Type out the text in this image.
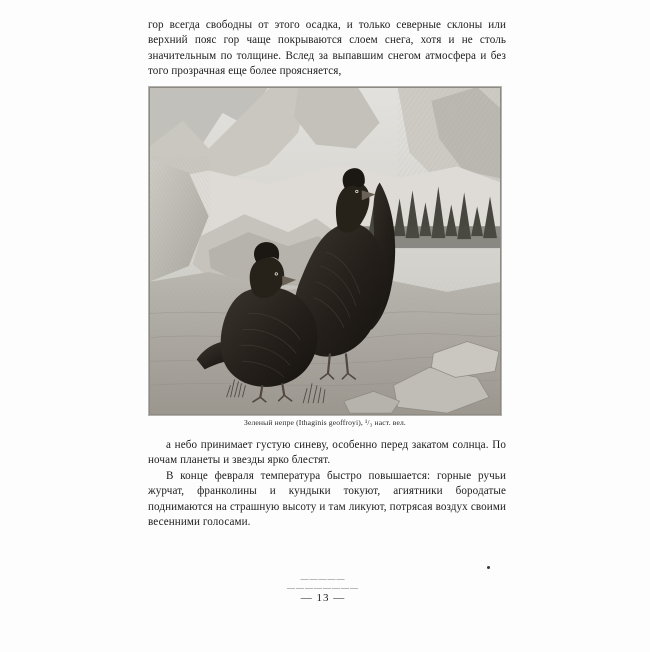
гор всегда свободны от этого осадка, и только северные склоны или верхний пояс гор чаще покрываются слоем снега, хотя и не столь значительным по толщине. Вслед за выпавшим снегом атмосфера и без того прозрачная еще более проясняется,

Зеленый непре (Ithaginis geoffroyi), ¹/₃ наст. вел.

а небо принимает густую синеву, особенно перед закатом солнца. По ночам планеты и звезды ярко блестят.

В конце февраля температура быстро повышается: горные ручьи журчат, франколины и кундыки токуют, агиятники бородатые поднимаются на страшную высоту и там ликуют, потрясая воздух своими весенними голосами.

————— ————————
— 13 —
